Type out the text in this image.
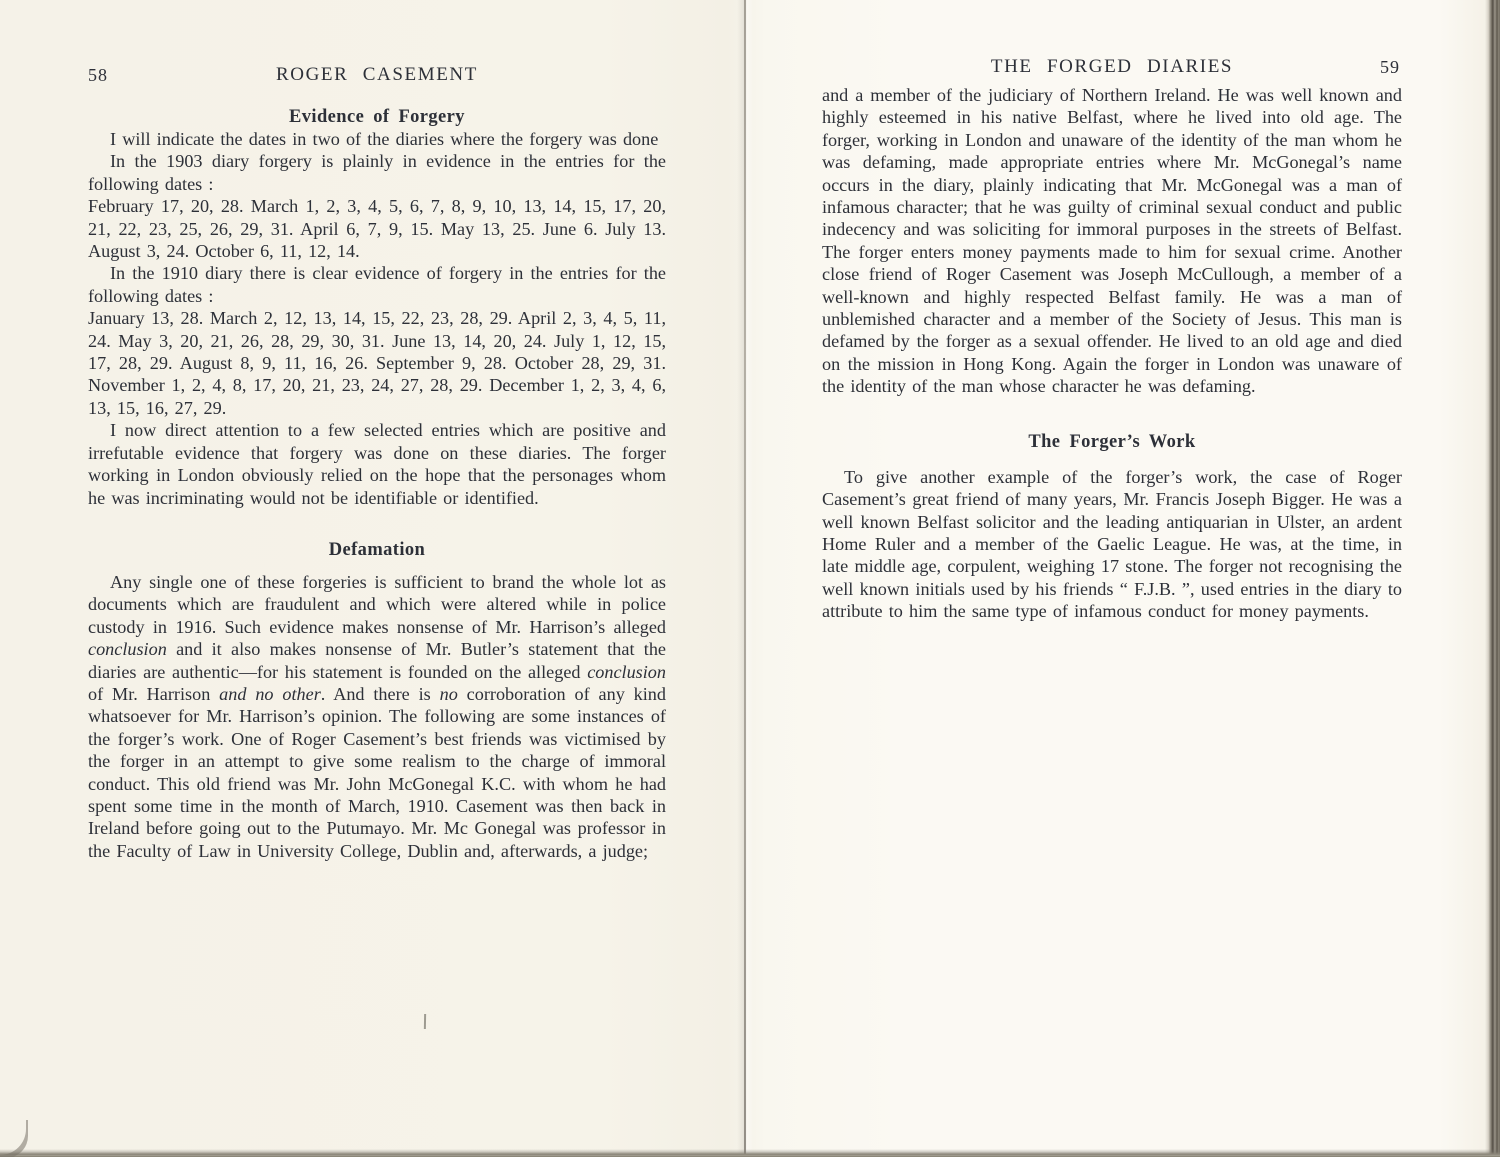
58	ROGER CASEMENT
Evidence of Forgery

I will indicate the dates in two of the diaries where the forgery was done

In the 1903 diary forgery is plainly in evidence in the entries for the following dates :

February 17, 20, 28. March 1, 2, 3, 4, 5, 6, 7, 8, 9, 10, 13, 14, 15, 17, 20, 21, 22, 23, 25, 26, 29, 31. April 6, 7, 9, 15. May 13, 25. June 6. July 13. August 3, 24. October 6, 11, 12, 14.

In the 1910 diary there is clear evidence of forgery in the entries for the following dates :

January 13, 28. March 2, 12, 13, 14, 15, 22, 23, 28, 29. April 2, 3, 4, 5, 11, 24. May 3, 20, 21, 26, 28, 29, 30, 31. June 13, 14, 20, 24. July 1, 12, 15, 17, 28, 29. August 8, 9, 11, 16, 26. September 9, 28. October 28, 29, 31. November 1, 2, 4, 8, 17, 20, 21, 23, 24, 27, 28, 29. December 1, 2, 3, 4, 6, 13, 15, 16, 27, 29.

I now direct attention to a few selected entries which are positive and irrefutable evidence that forgery was done on these diaries. The forger working in London obviously relied on the hope that the personages whom he was incriminating would not be identifiable or identified.

Defamation

Any single one of these forgeries is sufficient to brand the whole lot as documents which are fraudulent and which were altered while in police custody in 1916. Such evidence makes nonsense of Mr. Harrison’s alleged conclusion and it also makes nonsense of Mr. Butler’s statement that the diaries are authentic—for his statement is founded on the alleged conclusion of Mr. Harrison and no other. And there is no corroboration of any kind whatsoever for Mr. Harrison’s opinion. The following are some instances of the forger’s work. One of Roger Casement’s best friends was victimised by the forger in an attempt to give some realism to the charge of immoral conduct. This old friend was Mr. John McGonegal K.C. with whom he had spent some time in the month of March, 1910. Casement was then back in Ireland before going out to the Putumayo. Mr. Mc Gonegal was professor in the Faculty of Law in University College, Dublin and, afterwards, a judge;

THE FORGED DIARIES	59

and a member of the judiciary of Northern Ireland. He was well known and highly esteemed in his native Belfast, where he lived into old age. The forger, working in London and unaware of the identity of the man whom he was defaming, made appropriate entries where Mr. McGonegal’s name occurs in the diary, plainly indicating that Mr. McGonegal was a man of infamous character; that he was guilty of criminal sexual conduct and public indecency and was soliciting for immoral purposes in the streets of Belfast. The forger enters money payments made to him for sexual crime. Another close friend of Roger Casement was Joseph McCullough, a member of a well-known and highly respected Belfast family. He was a man of unblemished character and a member of the Society of Jesus. This man is defamed by the forger as a sexual offender. He lived to an old age and died on the mission in Hong Kong. Again the forger in London was unaware of the identity of the man whose character he was defaming.

The Forger’s Work

To give another example of the forger’s work, the case of Roger Casement’s great friend of many years, Mr. Francis Joseph Bigger. He was a well known Belfast solicitor and the leading antiquarian in Ulster, an ardent Home Ruler and a member of the Gaelic League. He was, at the time, in late middle age, corpulent, weighing 17 stone. The forger not recognising the well known initials used by his friends “ F.J.B. ”, used entries in the diary to attribute to him the same type of infamous conduct for money payments.
